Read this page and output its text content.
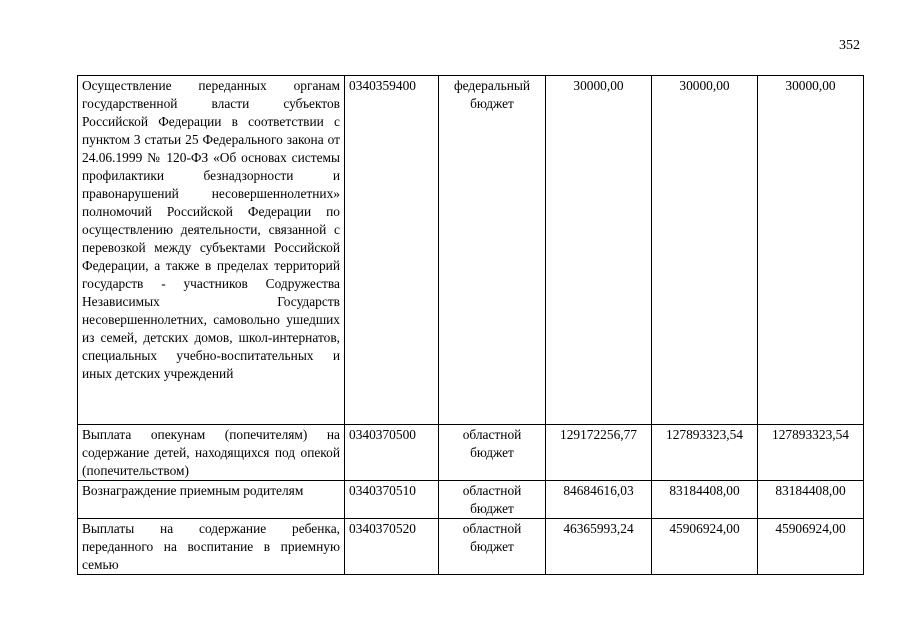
352
Осуществление переданных органам государственной власти субъектов Российской Федерации в соответствии с пунктом 3 статьи 25 Федерального закона от 24.06.1999 № 120-ФЗ «Об основах системы профилактики безнадзорности и правонарушений несовершеннолетних» полномочий Российской Федерации по осуществлению деятельности, связанной с перевозкой между субъектами Российской Федерации, а также в пределах территорий государств - участников Содружества Независимых Государств несовершеннолетних, самовольно ушедших из семей, детских домов, школ-интернатов, специальных учебно-воспитательных и иных детских учреждений	0340359400	федеральный бюджет	30000,00	30000,00	30000,00
Выплата опекунам (попечителям) на содержание детей, находящихся под опекой (попечительством)	0340370500	областной бюджет	129172256,77	127893323,54	127893323,54
Вознаграждение приемным родителям	0340370510	областной бюджет	84684616,03	83184408,00	83184408,00
Выплаты на содержание ребенка, переданного на воспитание в приемную семью	0340370520	областной бюджет	46365993,24	45906924,00	45906924,00
